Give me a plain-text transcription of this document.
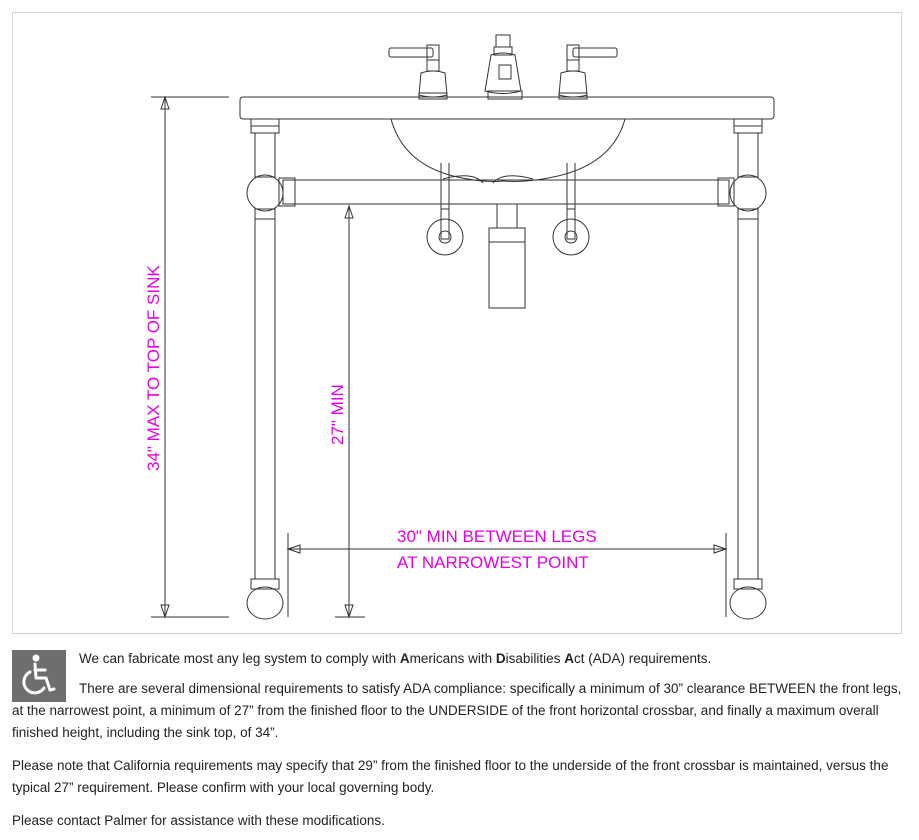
34" MAX TO TOP OF SINK	27" MIN
30" MIN BETWEEN LEGS
AT NARROWEST POINT

We can fabricate most any leg system to comply with Americans with Disabilities Act (ADA) requirements.

There are several dimensional requirements to satisfy ADA compliance: specifically a minimum of 30” clearance BETWEEN the front legs, at the narrowest point, a minimum of 27” from the finished floor to the UNDERSIDE of the front horizontal crossbar, and finally a maximum overall finished height, including the sink top, of 34”.

Please note that California requirements may specify that 29” from the finished floor to the underside of the front crossbar is maintained, versus the typical 27” requirement. Please confirm with your local governing body.

Please contact Palmer for assistance with these modifications.
